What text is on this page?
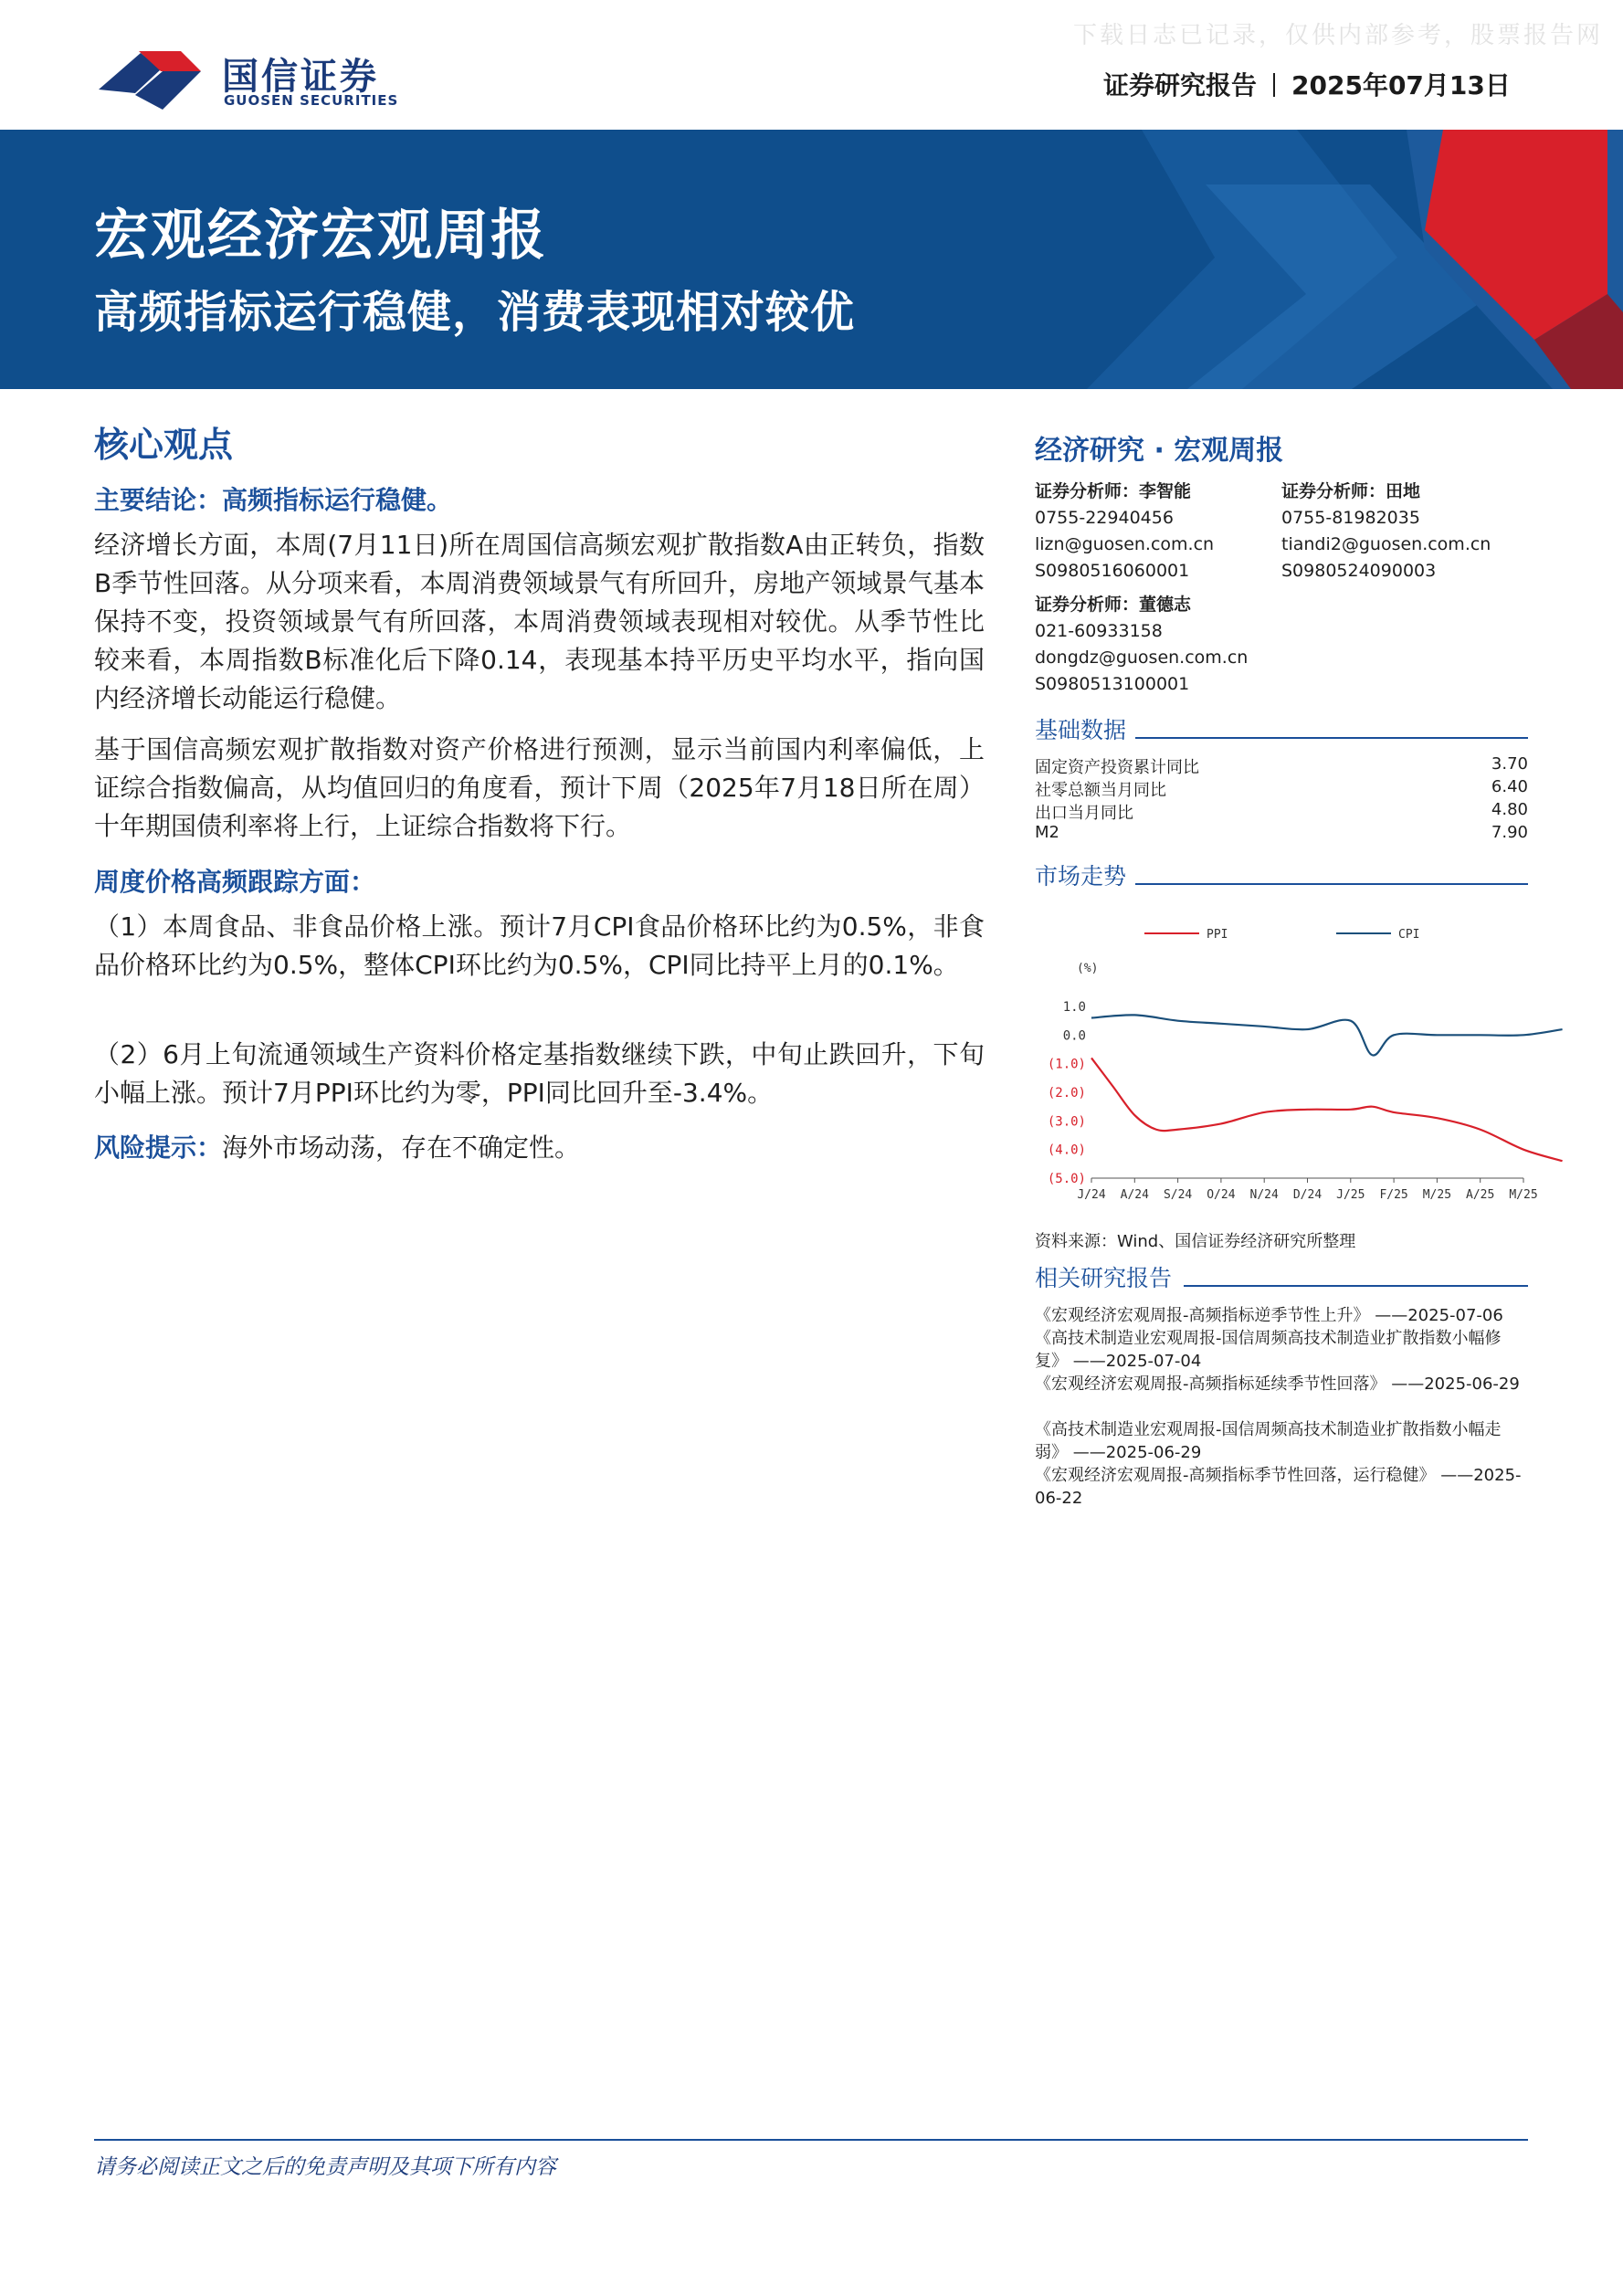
下载日志已记录，仅供内部参考，股票报告网
国信证券
GUOSEN SECURITIES	证券研究报告 2025年07月13日
宏观经济宏观周报
高频指标运行稳健，消费表现相对较优
核心观点
主要结论：高频指标运行稳健。
经济增长方面，本周(7月11日)所在周国信高频宏观扩散指数A由正转负，指数B季节性回落。从分项来看，本周消费领域景气有所回升，房地产领域景气基本保持不变，投资领域景气有所回落，本周消费领域表现相对较优。从季节性比较来看，本周指数B标准化后下降0.14，表现基本持平历史平均水平，指向国内经济增长动能运行稳健。
基于国信高频宏观扩散指数对资产价格进行预测，显示当前国内利率偏低，上证综合指数偏高，从均值回归的角度看，预计下周（2025年7月18日所在周）十年期国债利率将上行，上证综合指数将下行。
周度价格高频跟踪方面：
（1）本周食品、非食品价格上涨。预计7月CPI食品价格环比约为0.5%，非食品价格环比约为0.5%，整体CPI环比约为0.5%，CPI同比持平上月的0.1%。
（2）6月上旬流通领域生产资料价格定基指数继续下跌，中旬止跌回升，下旬小幅上涨。预计7月PPI环比约为零，PPI同比回升至-3.4%。
风险提示：海外市场动荡，存在不确定性。
经济研究 · 宏观周报
证券分析师：李智能
0755-22940456
lizn@guosen.com.cn
S0980516060001
证券分析师：田地
0755-81982035
tiandi2@guosen.com.cn
S0980524090003
证券分析师：董德志
021-60933158
dongdz@guosen.com.cn
S0980513100001
基础数据
固定资产投资累计同比	3.70
社零总额当月同比	6.40
出口当月同比	4.80
M2	7.90
市场走势
PPI	CPI
(%)
1.0
0.0
(1.0)
(2.0)
(3.0)
(4.0)
(5.0)
J/24 A/24 S/24 O/24 N/24 D/24 J/25 F/25 M/25 A/25 M/25
资料来源：Wind、国信证券经济研究所整理
相关研究报告
《宏观经济宏观周报-高频指标逆季节性上升》 ——2025-07-06
《高技术制造业宏观周报-国信周频高技术制造业扩散指数小幅修复》 ——2025-07-04
《宏观经济宏观周报-高频指标延续季节性回落》 ——2025-06-29
《高技术制造业宏观周报-国信周频高技术制造业扩散指数小幅走弱》 ——2025-06-29
《宏观经济宏观周报-高频指标季节性回落，运行稳健》 ——2025-06-22
请务必阅读正文之后的免责声明及其项下所有内容
